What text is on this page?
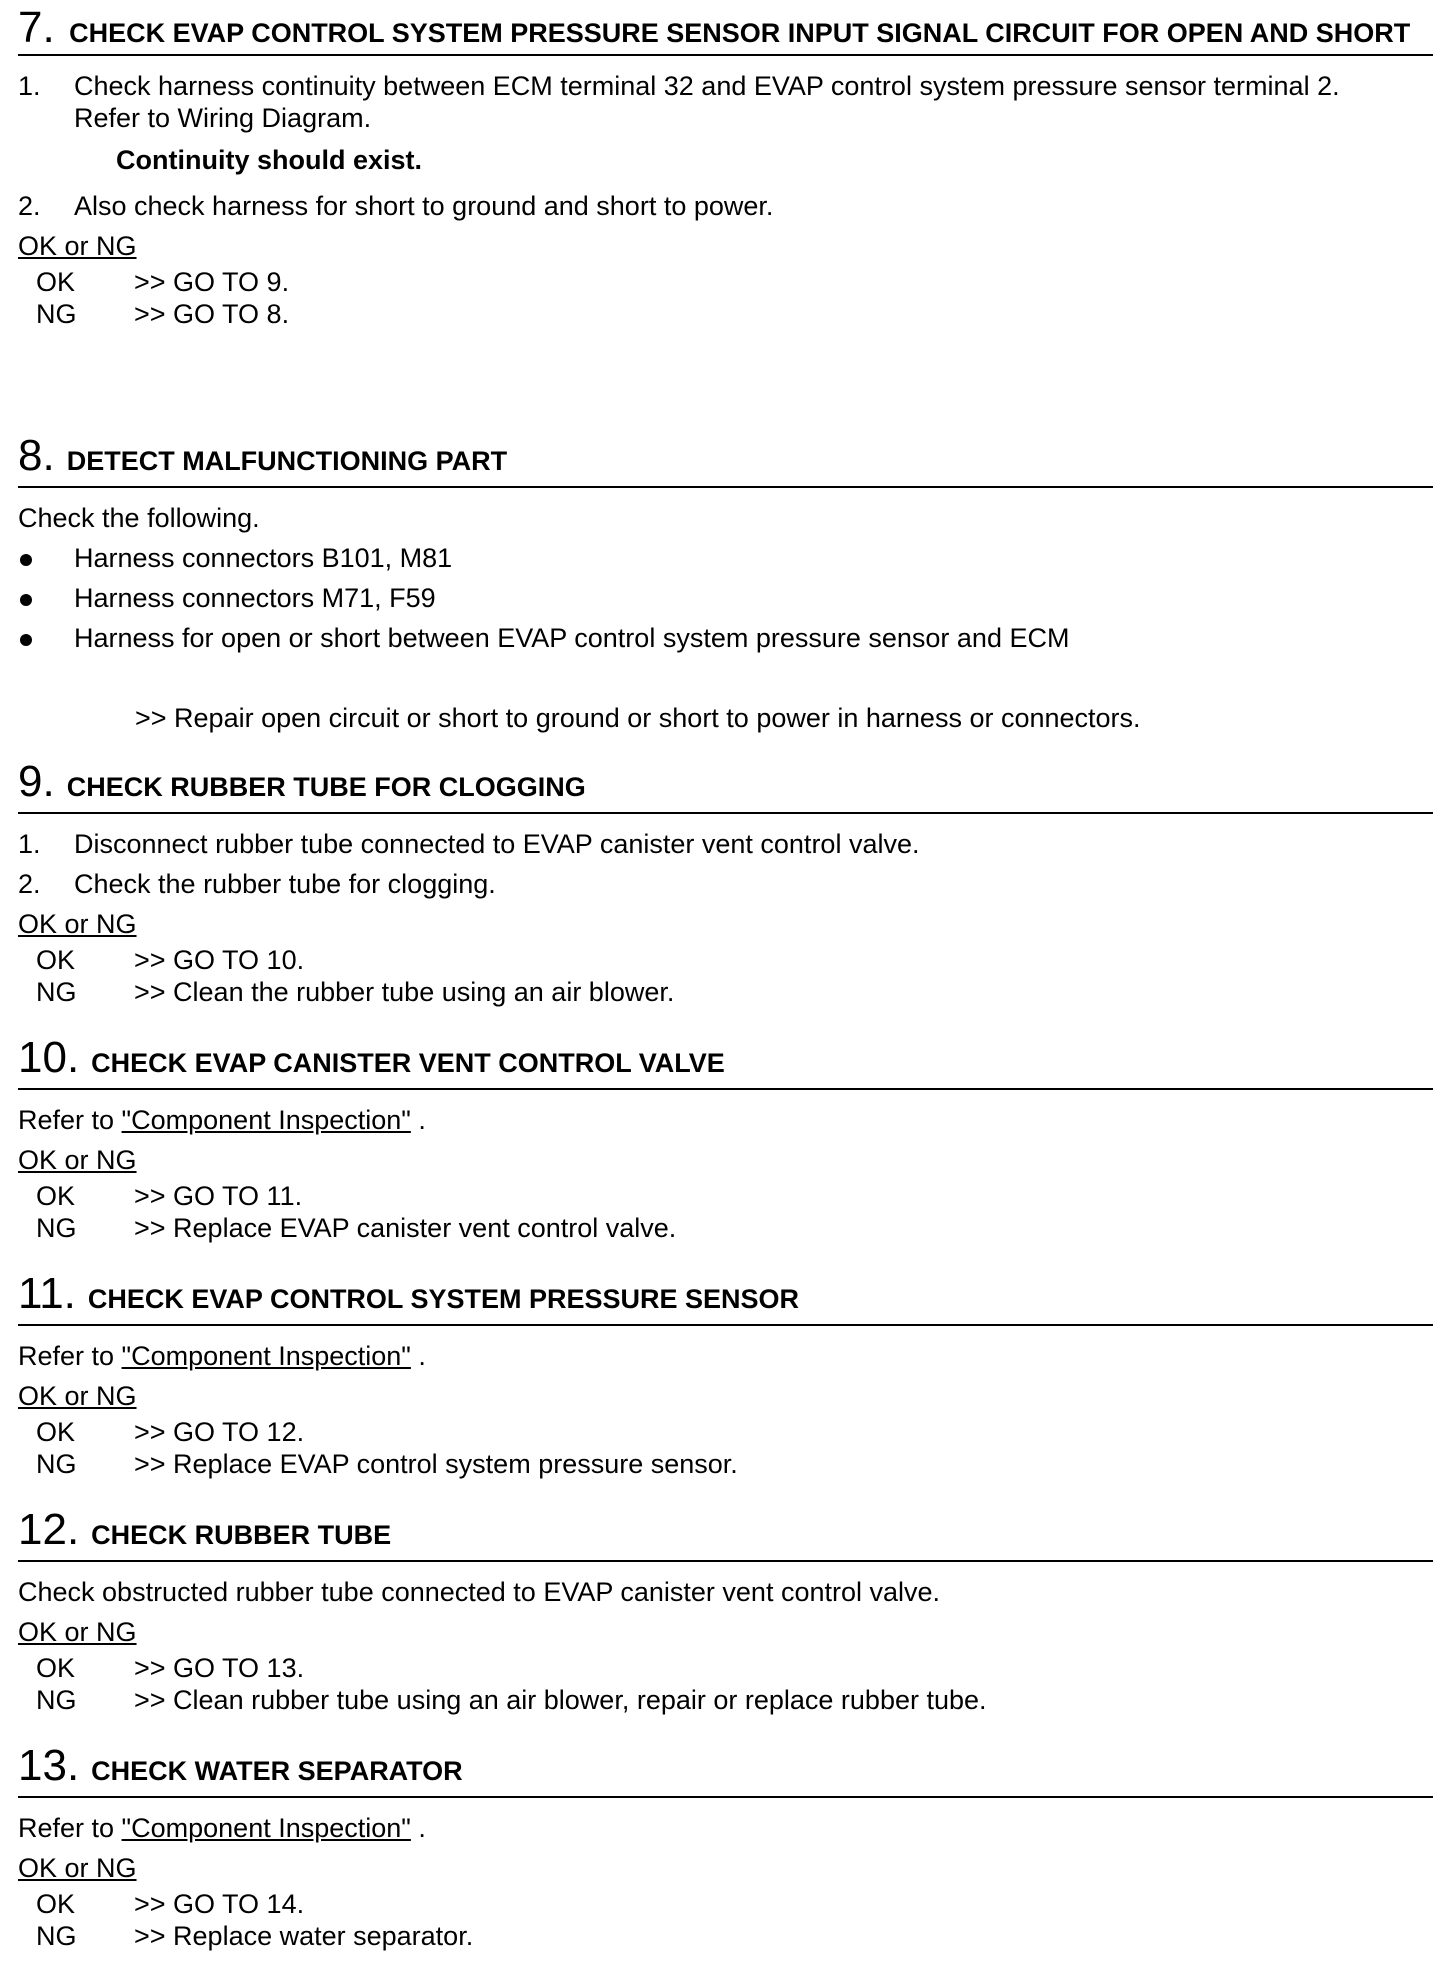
7. CHECK EVAP CONTROL SYSTEM PRESSURE SENSOR INPUT SIGNAL CIRCUIT FOR OPEN AND SHORT
1.	Check harness continuity between ECM terminal 32 and EVAP control system pressure sensor terminal 2.
Refer to Wiring Diagram.
Continuity should exist.
2.	Also check harness for short to ground and short to power.
OK or NG
OK	>> GO TO 9.
NG	>> GO TO 8.
8. DETECT MALFUNCTIONING PART
Check the following.
Harness connectors B101, M81
Harness connectors M71, F59
Harness for open or short between EVAP control system pressure sensor and ECM
>> Repair open circuit or short to ground or short to power in harness or connectors.
9. CHECK RUBBER TUBE FOR CLOGGING
1.	Disconnect rubber tube connected to EVAP canister vent control valve.
2.	Check the rubber tube for clogging.
OK or NG
OK	>> GO TO 10.
NG	>> Clean the rubber tube using an air blower.
10. CHECK EVAP CANISTER VENT CONTROL VALVE
Refer to "Component Inspection" .
OK or NG
OK	>> GO TO 11.
NG	>> Replace EVAP canister vent control valve.
11. CHECK EVAP CONTROL SYSTEM PRESSURE SENSOR
Refer to "Component Inspection" .
OK or NG
OK	>> GO TO 12.
NG	>> Replace EVAP control system pressure sensor.
12. CHECK RUBBER TUBE
Check obstructed rubber tube connected to EVAP canister vent control valve.
OK or NG
OK	>> GO TO 13.
NG	>> Clean rubber tube using an air blower, repair or replace rubber tube.
13. CHECK WATER SEPARATOR
Refer to "Component Inspection" .
OK or NG
OK	>> GO TO 14.
NG	>> Replace water separator.
